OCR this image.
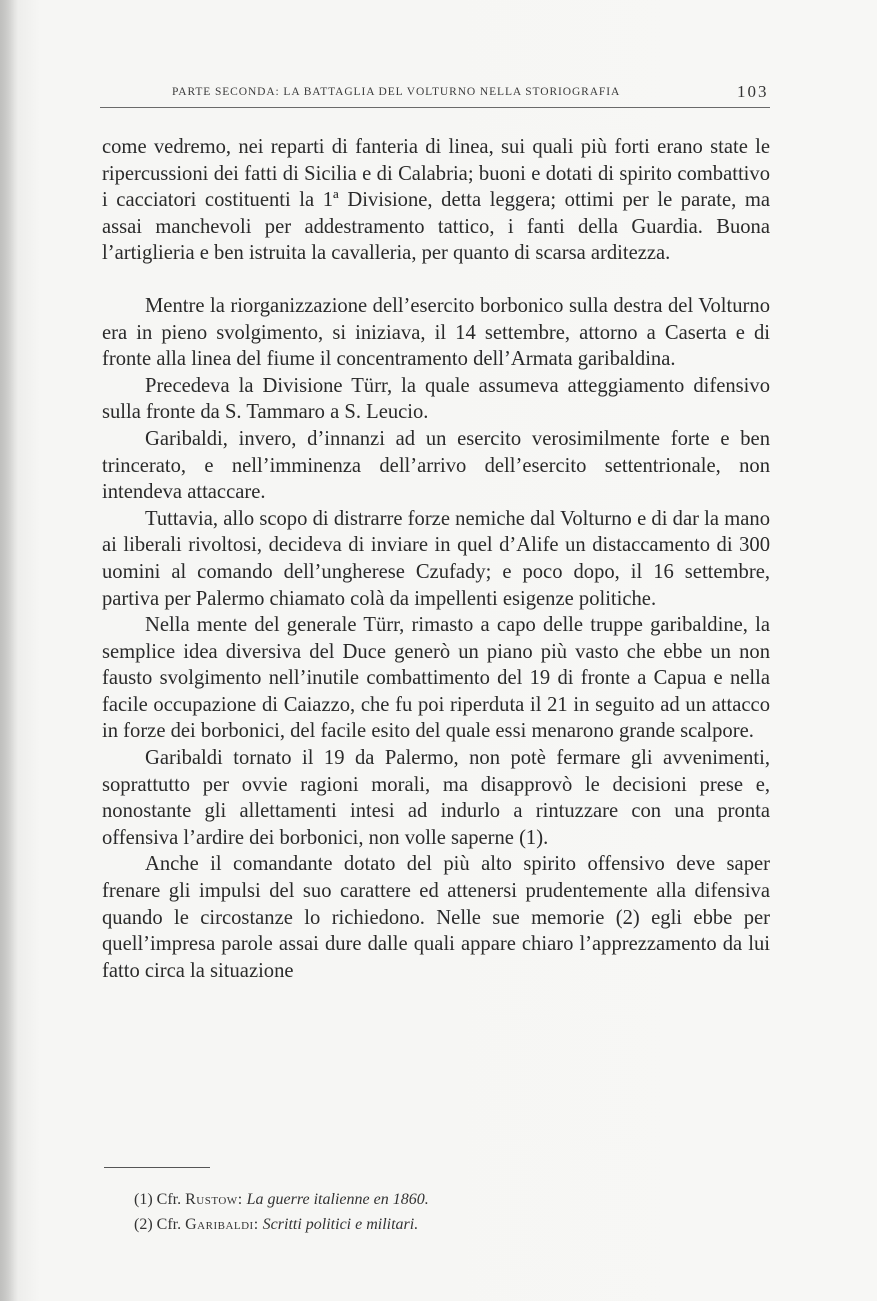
PARTE SECONDA: LA BATTAGLIA DEL VOLTURNO NELLA STORIOGRAFIA	103

come vedremo, nei reparti di fanteria di linea, sui quali più forti erano state le ripercussioni dei fatti di Sicilia e di Calabria; buoni e dotati di spirito combattivo i cacciatori costituenti la 1ª Divisione, detta leggera; ottimi per le parate, ma assai manchevoli per addestramento tattico, i fanti della Guardia. Buona l’artiglieria e ben istruita la cavalleria, per quanto di scarsa arditezza.

Mentre la riorganizzazione dell’esercito borbonico sulla destra del Volturno era in pieno svolgimento, si iniziava, il 14 settembre, attorno a Caserta e di fronte alla linea del fiume il concentramento dell’Armata garibaldina.

Precedeva la Divisione Türr, la quale assumeva atteggiamento difensivo sulla fronte da S. Tammaro a S. Leucio.

Garibaldi, invero, d’innanzi ad un esercito verosimilmente forte e ben trincerato, e nell’imminenza dell’arrivo dell’esercito settentrionale, non intendeva attaccare.

Tuttavia, allo scopo di distrarre forze nemiche dal Volturno e di dar la mano ai liberali rivoltosi, decideva di inviare in quel d’Alife un distaccamento di 300 uomini al comando dell’ungherese Czufady; e poco dopo, il 16 settembre, partiva per Palermo chiamato colà da impellenti esigenze politiche.

Nella mente del generale Türr, rimasto a capo delle truppe garibaldine, la semplice idea diversiva del Duce generò un piano più vasto che ebbe un non fausto svolgimento nell’inutile combattimento del 19 di fronte a Capua e nella facile occupazione di Caiazzo, che fu poi riperduta il 21 in seguito ad un attacco in forze dei borbonici, del facile esito del quale essi menarono grande scalpore.

Garibaldi tornato il 19 da Palermo, non potè fermare gli avvenimenti, soprattutto per ovvie ragioni morali, ma disapprovò le decisioni prese e, nonostante gli allettamenti intesi ad indurlo a rintuzzare con una pronta offensiva l’ardire dei borbonici, non volle saperne (1).

Anche il comandante dotato del più alto spirito offensivo deve saper frenare gli impulsi del suo carattere ed attenersi prudentemente alla difensiva quando le circostanze lo richiedono. Nelle sue memorie (2) egli ebbe per quell’impresa parole assai dure dalle quali appare chiaro l’apprezzamento da lui fatto circa la situazione

(1) Cfr. Rustow: La guerre italienne en 1860.
(2) Cfr. Garibaldi: Scritti politici e militari.
